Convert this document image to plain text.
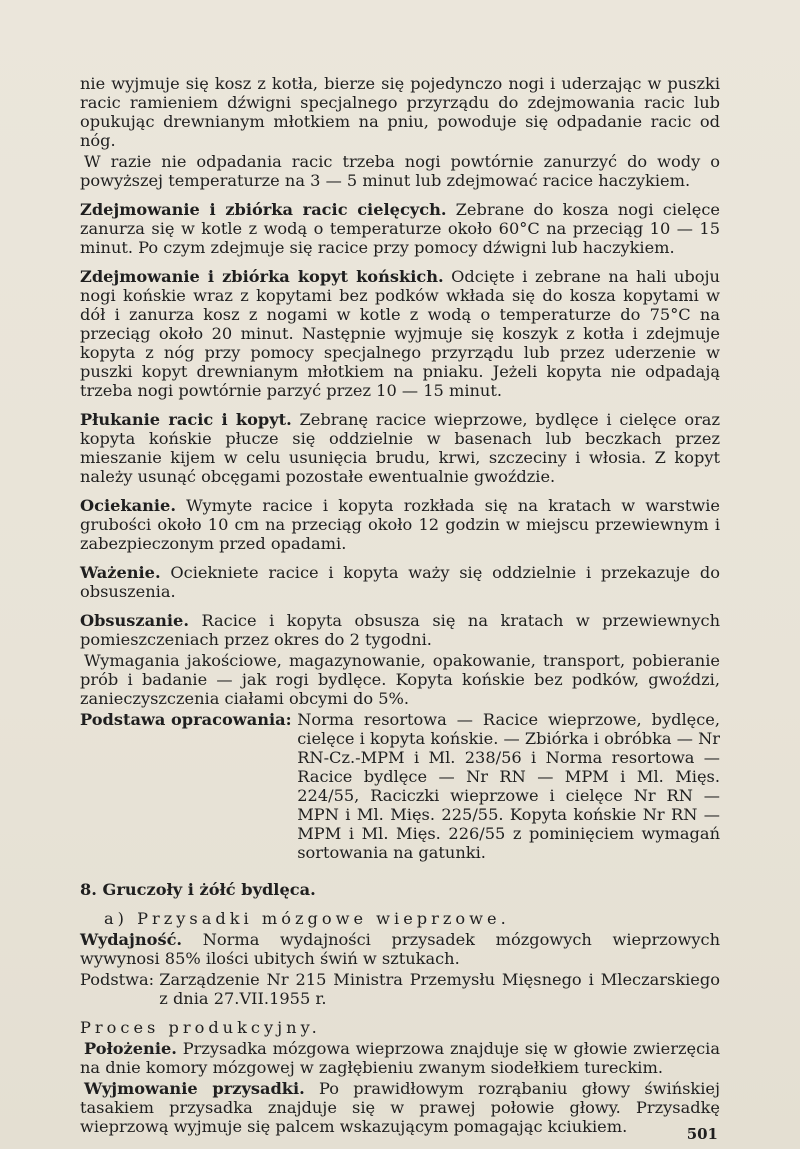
nie wyjmuje się kosz z kotła, bierze się pojedynczo nogi i uderzając w puszki racic ramieniem dźwigni specjalnego przyrządu do zdejmowania racic lub opukując drewnianym młotkiem na pniu, powoduje się odpadanie racic od nóg.

W razie nie odpadania racic trzeba nogi powtórnie zanurzyć do wody o powyższej temperaturze na 3 — 5 minut lub zdejmować racice haczykiem.

Zdejmowanie i zbiórka racic cielęcych. Zebrane do kosza nogi cielęce zanurza się w kotle z wodą o temperaturze około 60°C na przeciąg 10 — 15 minut. Po czym zdejmuje się racice przy pomocy dźwigni lub haczykiem.

Zdejmowanie i zbiórka kopyt końskich. Odcięte i zebrane na hali uboju nogi końskie wraz z kopytami bez podków wkłada się do kosza kopytami w dół i zanurza kosz z nogami w kotle z wodą o temperaturze do 75°C na przeciąg około 20 minut. Następnie wyjmuje się koszyk z kotła i zdejmuje kopyta z nóg przy pomocy specjalnego przyrządu lub przez uderzenie w puszki kopyt drewnianym młotkiem na pniaku. Jeżeli kopyta nie odpadają trzeba nogi powtórnie parzyć przez 10 — 15 minut.

Płukanie racic i kopyt. Zebranę racice wieprzowe, bydlęce i cielęce oraz kopyta końskie płucze się oddzielnie w basenach lub beczkach przez mieszanie kijem w celu usunięcia brudu, krwi, szczeciny i włosia. Z kopyt należy usunąć obcęgami pozostałe ewentualnie gwoździe.

Ociekanie. Wymyte racice i kopyta rozkłada się na kratach w warstwie grubości około 10 cm na przeciąg około 12 godzin w miejscu przewiewnym i zabezpieczonym przed opadami.

Ważenie. Ociekniete racice i kopyta waży się oddzielnie i przekazuje do obsuszenia.

Obsuszanie. Racice i kopyta obsusza się na kratach w przewiewnych pomieszczeniach przez okres do 2 tygodni.

Wymagania jakościowe, magazynowanie, opakowanie, transport, pobieranie prób i badanie — jak rogi bydlęce. Kopyta końskie bez podków, gwoździ, zanieczyszczenia ciałami obcymi do 5%.

Podstawa opracowania: Norma resortowa — Racice wieprzowe, bydlęce, cielęce i kopyta końskie. — Zbiórka i obróbka — Nr RN-Cz.-MPM i Ml. 238/56 i Norma resortowa — Racice bydlęce — Nr RN — MPM i Ml. Mięs. 224/55, Raciczki wieprzowe i cielęce Nr RN — MPN i Ml. Mięs. 225/55. Kopyta końskie Nr RN — MPM i Ml. Mięs. 226/55 z pominięciem wymagań sortowania na gatunki.

8. Gruczoły i żółć bydlęca.

a) Przysadki mózgowe wieprzowe.

Wydajność. Norma wydajności przysadek mózgowych wieprzowych wywynosi 85% ilości ubitych świń w sztukach.

Podstwa: Zarządzenie Nr 215 Ministra Przemysłu Mięsnego i Mleczarskiego z dnia 27.VII.1955 r.

Proces produkcyjny.

Położenie. Przysadka mózgowa wieprzowa znajduje się w głowie zwierzęcia na dnie komory mózgowej w zagłębieniu zwanym siodełkiem tureckim.

Wyjmowanie przysadki. Po prawidłowym rozrąbaniu głowy świńskiej tasakiem przysadka znajduje się w prawej połowie głowy. Przysadkę wieprzową wyjmuje się palcem wskazującym pomagając kciukiem.	501
